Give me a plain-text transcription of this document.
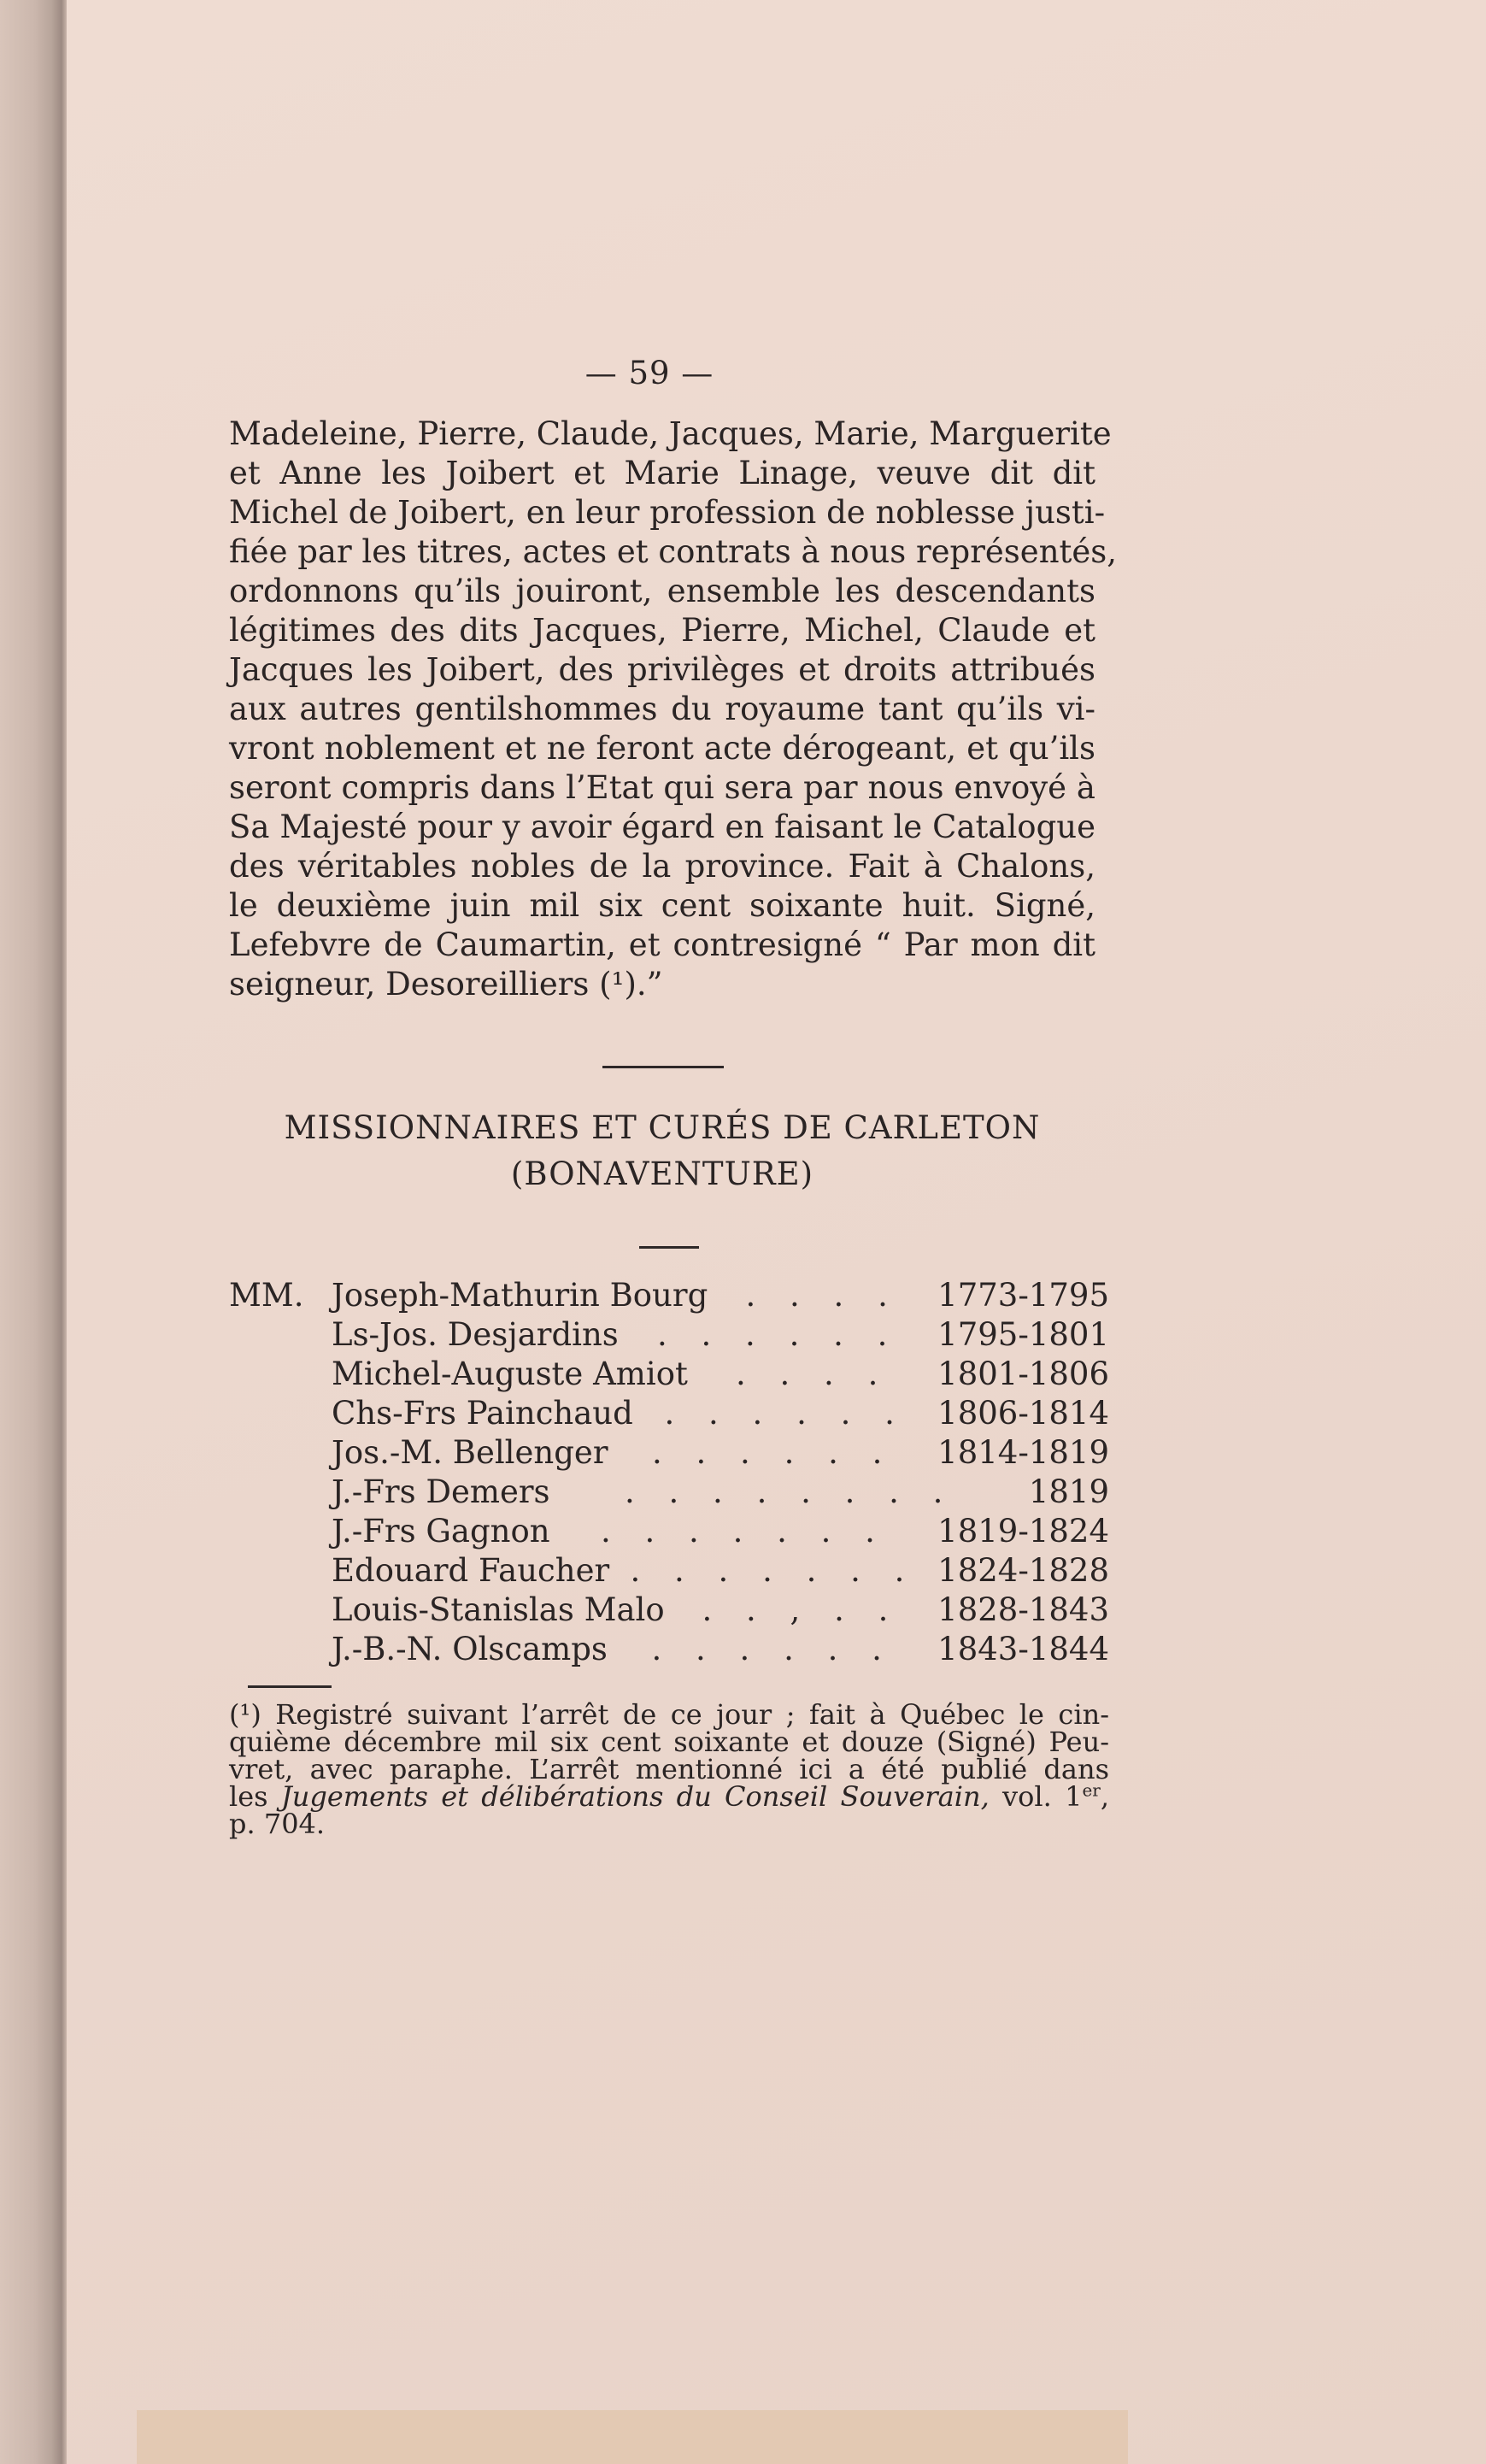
— 59 —

Madeleine, Pierre, Claude, Jacques, Marie, Marguerite
et Anne les Joibert et Marie Linage, veuve dit dit
Michel de Joibert, en leur profession de noblesse justi-
fiée par les titres, actes et contrats à nous représentés,
ordonnons qu’ils jouiront, ensemble les descendants
légitimes des dits Jacques, Pierre, Michel, Claude et
Jacques les Joibert, des privilèges et droits attribués
aux autres gentilshommes du royaume tant qu’ils vi-
vront noblement et ne feront acte dérogeant, et qu’ils
seront compris dans l’Etat qui sera par nous envoyé à
Sa Majesté pour y avoir égard en faisant le Catalogue
des véritables nobles de la province. Fait à Chalons,
le deuxième juin mil six cent soixante huit. Signé,
Lefebvre de Caumartin, et contresigné “ Par mon dit
seigneur, Desoreilliers (¹).”

MISSIONNAIRES ET CURÉS DE CARLETON
(BONAVENTURE)
MM. Joseph-Mathurin Bourg . . . . 1773-1795
Ls-Jos. Desjardins . . . . . . 1795-1801
Michel-Auguste Amiot . . . . 1801-1806
Chs-Frs Painchaud . . . . . . 1806-1814
Jos.-M. Bellenger . . . . . . 1814-1819
J.-Frs Demers . . . . . . . . 1819
J.-Frs Gagnon . . . . . . . 1819-1824
Edouard Faucher . . . . . . . 1824-1828
Louis-Stanislas Malo . . , . . 1828-1843
J.-B.-N. Olscamps . . . . . . 1843-1844

(¹) Registré suivant l’arrêt de ce jour ; fait à Québec le cin-
quième décembre mil six cent soixante et douze (Signé) Peu-
vret, avec paraphe. L’arrêt mentionné ici a été publié dans
les Jugements et délibérations du Conseil Souverain, vol. 1er,
p. 704.
